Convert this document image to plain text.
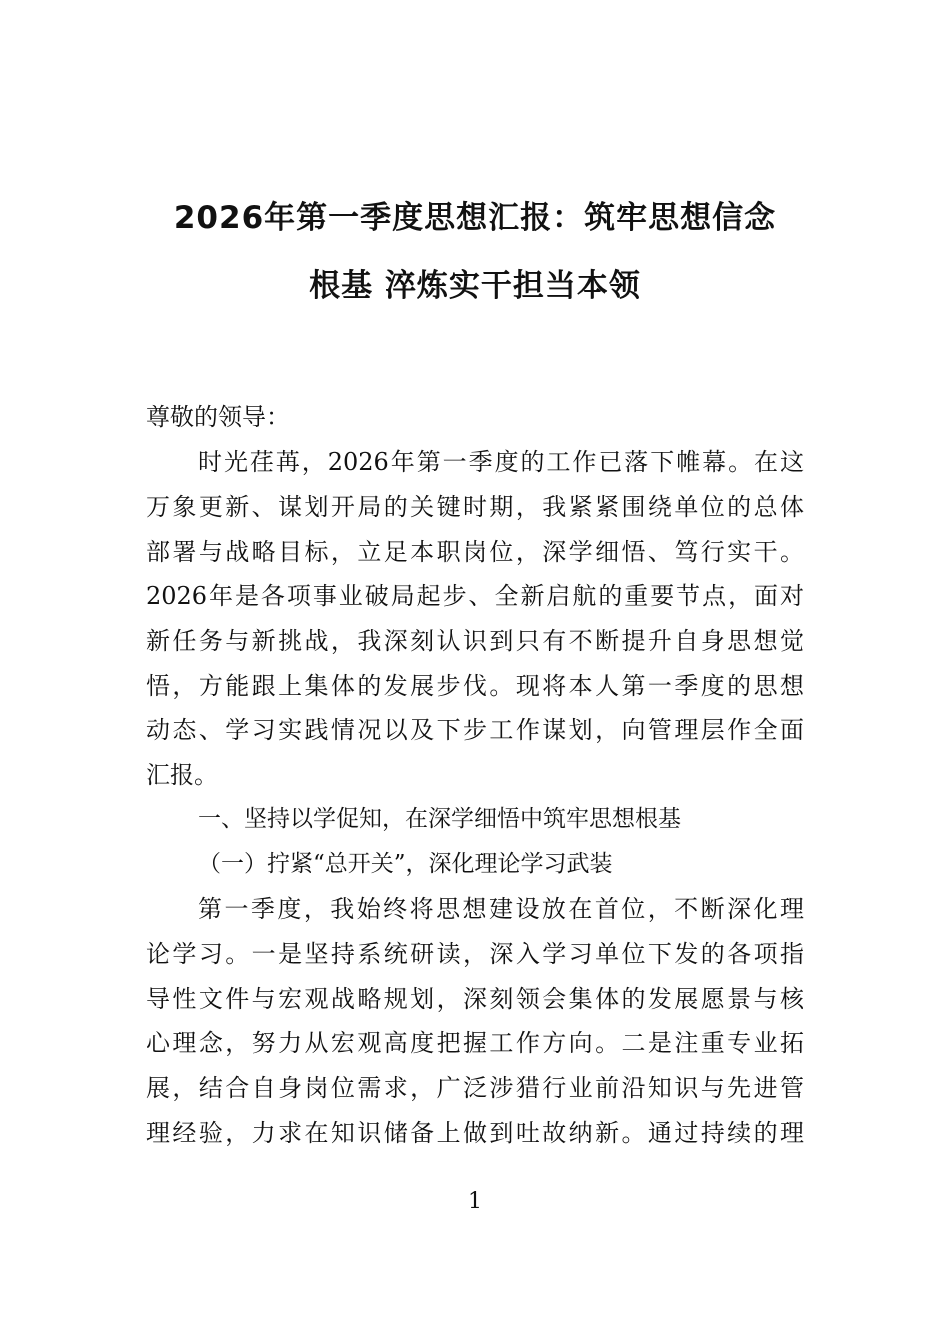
2026年第一季度思想汇报：筑牢思想信念
根基 淬炼实干担当本领
尊敬的领导：
时光荏苒，2026年第一季度的工作已落下帷幕。在这
万象更新、谋划开局的关键时期，我紧紧围绕单位的总体
部署与战略目标，立足本职岗位，深学细悟、笃行实干。
2026年是各项事业破局起步、全新启航的重要节点，面对
新任务与新挑战，我深刻认识到只有不断提升自身思想觉
悟，方能跟上集体的发展步伐。现将本人第一季度的思想
动态、学习实践情况以及下步工作谋划，向管理层作全面
汇报。
一、坚持以学促知，在深学细悟中筑牢思想根基
（一）拧紧“总开关”，深化理论学习武装
第一季度，我始终将思想建设放在首位，不断深化理
论学习。一是坚持系统研读，深入学习单位下发的各项指
导性文件与宏观战略规划，深刻领会集体的发展愿景与核
心理念，努力从宏观高度把握工作方向。二是注重专业拓
展，结合自身岗位需求，广泛涉猎行业前沿知识与先进管
理经验，力求在知识储备上做到吐故纳新。通过持续的理
1
